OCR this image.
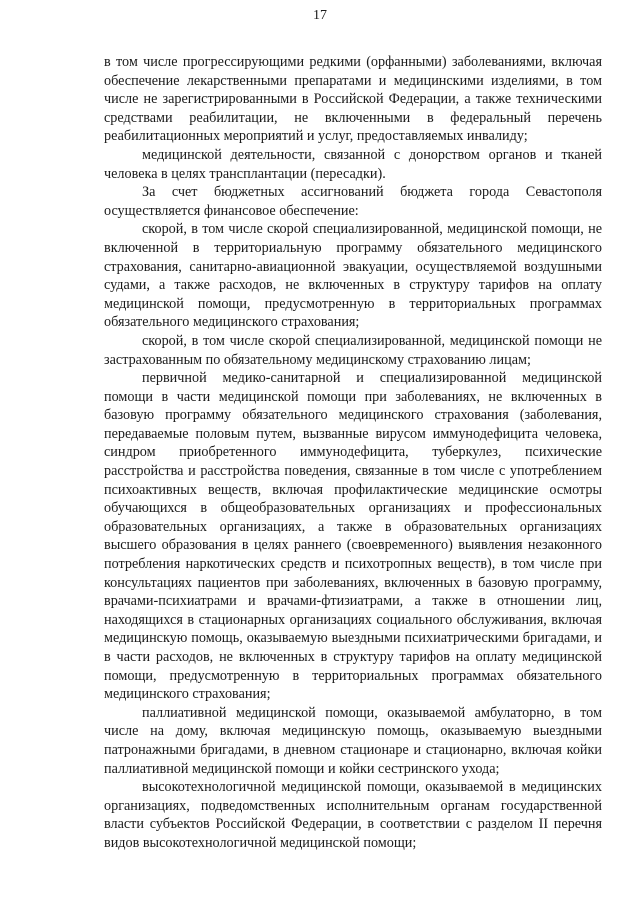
17

в том числе прогрессирующими редкими (орфанными) заболеваниями, включая обеспечение лекарственными препаратами и медицинскими изделиями, в том числе не зарегистрированными в Российской Федерации, а также техническими средствами реабилитации, не включенными в федеральный перечень реабилитационных мероприятий и услуг, предоставляемых инвалиду;

медицинской деятельности, связанной с донорством органов и тканей человека в целях трансплантации (пересадки).

За счет бюджетных ассигнований бюджета города Севастополя осуществляется финансовое обеспечение:

скорой, в том числе скорой специализированной, медицинской помощи, не включенной в территориальную программу обязательного медицинского страхования, санитарно-авиационной эвакуации, осуществляемой воздушными судами, а также расходов, не включенных в структуру тарифов на оплату медицинской помощи, предусмотренную в территориальных программах обязательного медицинского страхования;

скорой, в том числе скорой специализированной, медицинской помощи не застрахованным по обязательному медицинскому страхованию лицам;

первичной медико-санитарной и специализированной медицинской помощи в части медицинской помощи при заболеваниях, не включенных в базовую программу обязательного медицинского страхования (заболевания, передаваемые половым путем, вызванные вирусом иммунодефицита человека, синдром приобретенного иммунодефицита, туберкулез, психические расстройства и расстройства поведения, связанные в том числе с употреблением психоактивных веществ, включая профилактические медицинские осмотры обучающихся в общеобразовательных организациях и профессиональных образовательных организациях, а также в образовательных организациях высшего образования в целях раннего (своевременного) выявления незаконного потребления наркотических средств и психотропных веществ), в том числе при консультациях пациентов при заболеваниях, включенных в базовую программу, врачами-психиатрами и врачами-фтизиатрами, а также в отношении лиц, находящихся в стационарных организациях социального обслуживания, включая медицинскую помощь, оказываемую выездными психиатрическими бригадами, и в части расходов, не включенных в структуру тарифов на оплату медицинской помощи, предусмотренную в территориальных программах обязательного медицинского страхования;

паллиативной медицинской помощи, оказываемой амбулаторно, в том числе на дому, включая медицинскую помощь, оказываемую выездными патронажными бригадами, в дневном стационаре и стационарно, включая койки паллиативной медицинской помощи и койки сестринского ухода;

высокотехнологичной медицинской помощи, оказываемой в медицинских организациях, подведомственных исполнительным органам государственной власти субъектов Российской Федерации, в соответствии с разделом II перечня видов высокотехнологичной медицинской помощи;
